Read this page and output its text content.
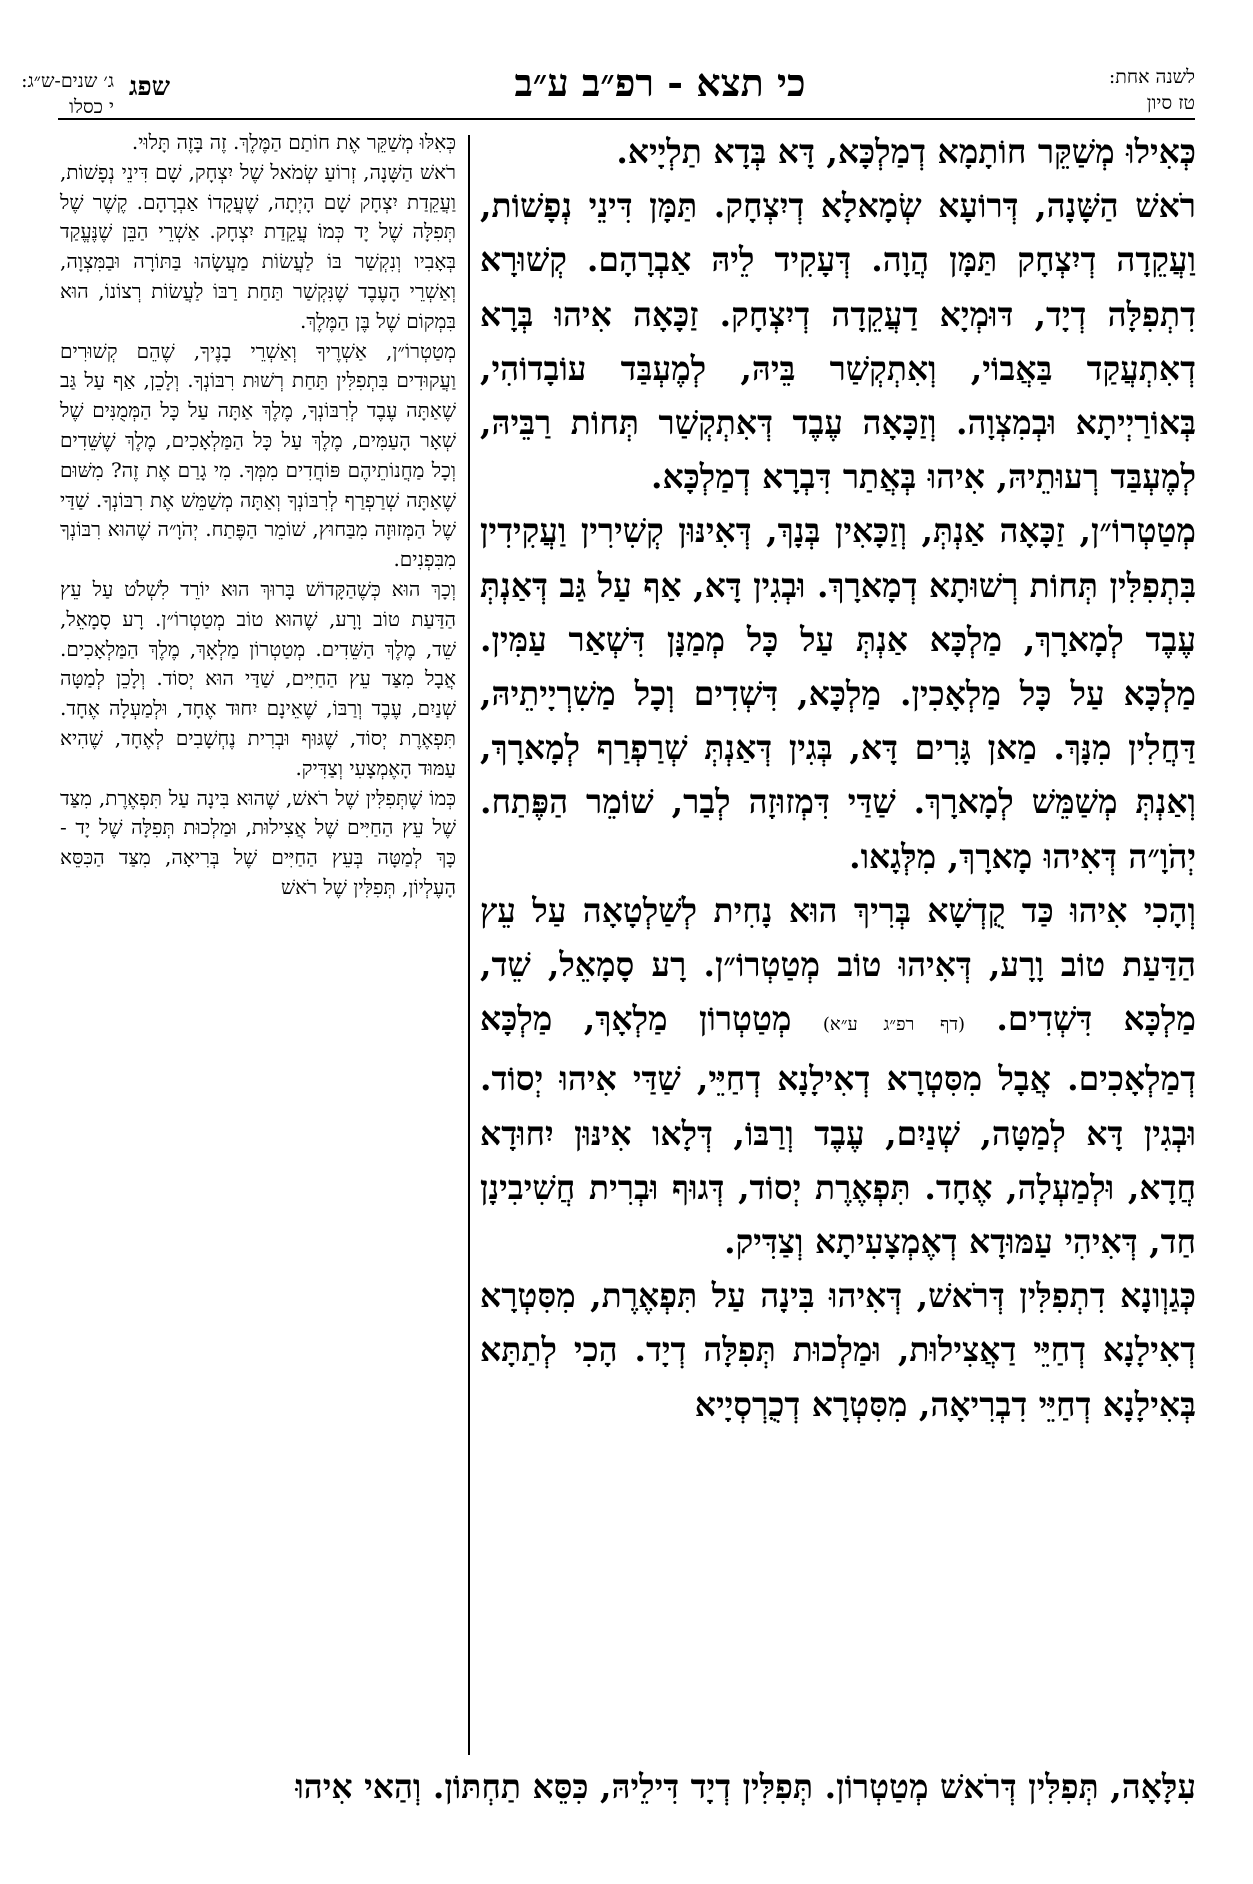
שפג
ג׳ שנים-ש״ג:
י כסלו
כי תצא - רפ״ב ע״ב	לשנה אחת:
טז סיון
כְּאִילוּ מְשַׁקֵּר חוֹתָמָא דְמַלְכָּא, דָּא בְּדָא תַלְיָיא.
רֹאשׁ הַשָּׁנָה, דְּרוֹעָא שְׂמָאלָא דְיִצְחָק. תַּמָּן דִּינֵי נְפָשׁוֹת, וַעֲקֵדָה דְיִצְחָק תַּמָּן הֲוָה. דְּעָקִיד לֵיהּ אַבְרָהָם. קְשׁוּרָא דִתְפִלָּה דְיָד, דּוּמְיָא דַעֲקֵדָה דְיִצְחָק. זַכָּאָה אִיהוּ בְּרָא דְאִתְעֲקַד בַּאֲבוֹי, וְאִתְקְשַׁר בֵּיהּ, לְמֶעְבַּד עוֹבָדוֹהִי, בְּאוֹרַיְיתָא וּבְמִצְוָה. וְזַכָּאָה עֶבֶד דְּאִתְקְשַׁר תְּחוֹת רַבֵּיהּ, לְמֶעְבַּד רְעוּתֵיהּ, אִיהוּ בְּאֲתַר דִּבְרָא דְמַלְכָּא.
מְטַטְרוֹ״ן, זַכָּאָה אַנְתְּ, וְזַכָּאִין בְּנָךְ, דְּאִינּוּן קְשִׁירִין וַעֲקִידִין בִּתְפִלִּין תְּחוֹת רְשׁוּתָא דְמָארָךְ. וּבְגִין דָּא, אַף עַל גַּב דְּאַנְתְּ עֶבֶד לְמָארָךְ, מַלְכָּא אַנְתְּ עַל כָּל מְמַנָּן דִּשְׁאַר עַמִּין. מַלְכָּא עַל כָּל מַלְאָכִין. מַלְכָּא, דִּשְׁדִים וְכָל מַשִׁרְיָיתֵיהּ, דַּחֲלִין מִנָּךְ. מַאן גָּרִים דָּא, בְּגִין דְּאַנְתְּ שְׁרַפְרַף לְמָארָךְ, וְאַנְתְּ מְשַׁמֵּשׁ לְמָארָךְ. שַׁדַּי דִּמְזוּזָה לְבַר, שׁוֹמֵר הַפֶּתַח. יְהֹוָ״ה דְּאִיהוּ מָארָךְ, מִלְּגָאו.
וְהָכִי אִיהוּ כַּד קֻדְשָׁא בְּרִיךְ הוּא נָחִית לְשַׁלְטָאָה עַל עֵץ הַדַּעַת טוֹב וָרָע, דְּאִיהוּ טוֹב מְטַטְרוֹ״ן. רָע סָמָאֵל, שֵׁד, מַלְכָּא דִּשְׁדִים. (דף רפ״ג ע״א) מְטַטְרוֹן מַלְאָךְ, מַלְכָּא דְמַלְאָכִים. אֲבָל מִסִּטְרָא דְאִילָנָא דְחַיֵּי, שַׁדַּי אִיהוּ יְסוֹד. וּבְגִין דָּא לְמַטָּה, שְׁנַיִם, עֶבֶד וְרַבּוֹ, דְּלָאו אִינּוּן יִחוּדָא חֲדָא, וּלְמַעְלָה, אֶחָד. תִּפְאֶרֶת יְסוֹד, דְּגוּף וּבְרִית חֲשִׁיבִינָן חַד, דְּאִיהִי עַמּוּדָא דְאֶמְצָעִיתָא וְצַדִּיק.
כְּגַוְונָא דִתְפִלִּין דְּרֹאשׁ, דְּאִיהוּ בִּינָה עַל תִּפְאֶרֶת, מִסִּטְרָא דְאִילָנָא דְחַיֵּי דַאֲצִילוּת, וּמַלְכוּת תְּפִלָּה דְיָד. הָכִי לְתַתָּא בְּאִילָנָא דְחַיֵּי דִבְרִיאָה, מִסִּטְרָא דְכֻרְסְיָיא
כְּאִלּוּ מְשַׁקֵּר אֶת חוֹתַם הַמֶּלֶךְ. זֶה בָּזֶה תָּלוּי.
רֹאשׁ הַשָּׁנָה, זְרוֹעַ שְׂמֹאל שֶׁל יִצְחָק, שָׁם דִּינֵי נְפָשׁוֹת, וַעֲקֵדַת יִצְחָק שָׁם הָיְתָה, שֶׁעֲקָדוֹ אַבְרָהָם. קֶשֶׁר שֶׁל תְּפִלָּה שֶׁל יָד כְּמוֹ עֲקֵדַת יִצְחָק. אַשְׁרֵי הַבֵּן שֶׁנֶּעֱקַד בְּאָבִיו וְנִקְשַׁר בּוֹ לַעֲשׂוֹת מַעֲשָׂהוּ בַּתּוֹרָה וּבַמִּצְוָה, וְאַשְׁרֵי הָעֶבֶד שֶׁנִּקְשַׁר תַּחַת רַבּוֹ לַעֲשׂוֹת רְצוֹנוֹ, הוּא בִּמְקוֹם שֶׁל בֶּן הַמֶּלֶךְ.
מְטַטְרוֹ״ן, אַשְׁרֶיךָ וְאַשְׁרֵי בָנֶיךָ, שֶׁהֵם קְשׁוּרִים וַעֲקוּדִים בִּתְפִלִּין תַּחַת רְשׁוּת רִבּוֹנְךָ. וְלָכֵן, אַף עַל גַּב שֶׁאַתָּה עֶבֶד לְרִבּוֹנְךָ, מֶלֶךְ אַתָּה עַל כָּל הַמְּמֻנִּים שֶׁל שְׁאָר הָעַמִּים, מֶלֶךְ עַל כָּל הַמַּלְאָכִים, מֶלֶךְ שֶׁשֵּׁדִים וְכָל מַחֲנוֹתֵיהֶם פּוֹחֲדִים מִמְּךָ. מִי גָרַם אֶת זֶה? מִשּׁוּם שֶׁאַתָּה שְׁרַפְרַף לְרִבּוֹנְךָ וְאַתָּה מְשַׁמֵּשׁ אֶת רִבּוֹנְךָ. שַׁדַּי שֶׁל הַמְּזוּזָה מִבַּחוּץ, שׁוֹמֵר הַפֶּתַח. יְהֹוָ״ה שֶׁהוּא רִבּוֹנְךָ מִבִּפְנִים.
וְכָךְ הוּא כְּשֶׁהַקָּדוֹשׁ בָּרוּךְ הוּא יוֹרֵד לִשְׁלֹט עַל עֵץ הַדַּעַת טוֹב וָרָע, שֶׁהוּא טוֹב מְטַטְרוֹ״ן. רָע סָמָאֵל, שֵׁד, מֶלֶךְ הַשֵּׁדִים. מְטַטְרוֹן מַלְאָךְ, מֶלֶךְ הַמַּלְאָכִים. אֲבָל מִצַּד עֵץ הַחַיִּים, שַׁדַּי הוּא יְסוֹד. וְלָכֵן לְמַטָּה שְׁנַיִם, עֶבֶד וְרַבּוֹ, שֶׁאֵינָם יִחוּד אֶחָד, וּלְמַעְלָה אֶחָד. תִּפְאֶרֶת יְסוֹד, שֶׁגּוּף וּבְרִית נֶחְשָׁבִים לְאֶחָד, שֶׁהִיא עַמּוּד הָאֶמְצָעִי וְצַדִּיק.
כְּמוֹ שֶׁתְּפִלִּין שֶׁל רֹאשׁ, שֶׁהוּא בִּינָה עַל תִּפְאֶרֶת, מִצַּד שֶׁל עֵץ הַחַיִּים שֶׁל אֲצִילוּת, וּמַלְכוּת תְּפִלָּה שֶׁל יָד - כָּךְ לְמַטָּה בְּעֵץ הַחַיִּים שֶׁל בְּרִיאָה, מִצַּד הַכִּסֵּא הָעֶלְיוֹן, תְּפִלִּין שֶׁל רֹאשׁ
עִלָּאָה, תְּפִלִּין דְּרֹאשׁ מְטַטְרוֹן. תְּפִלִּין דְיָד דִּילֵיהּ, כִּסֵּא תַחְתּוֹן. וְהַאי אִיהוּ
